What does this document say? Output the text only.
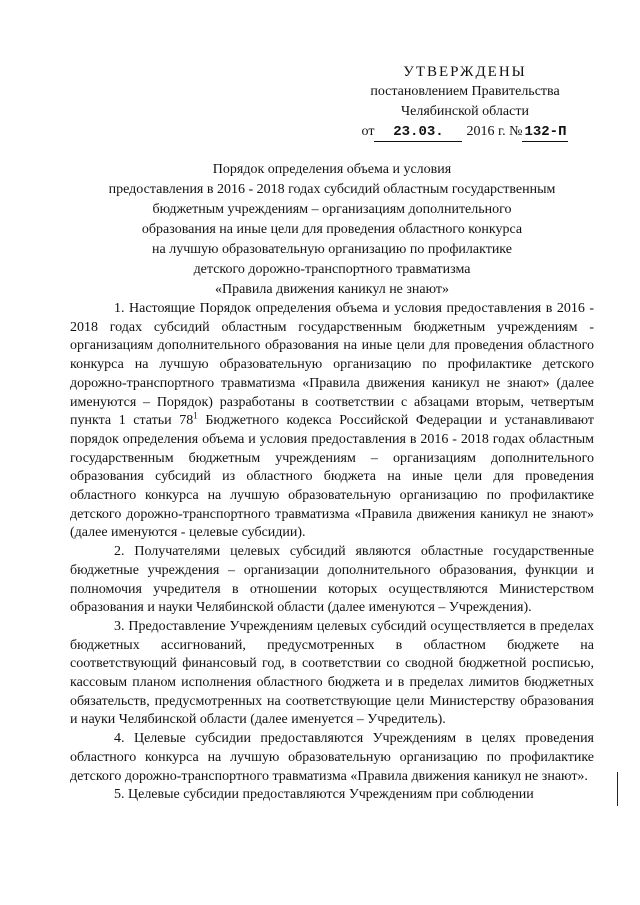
УТВЕРЖДЕНЫ
постановлением Правительства
Челябинской области
от	23.03.	2016 г. № 132-П
Порядок определения объема и условия
предоставления в 2016 - 2018 годах субсидий областным государственным
бюджетным учреждениям – организациям дополнительного
образования на иные цели для проведения областного конкурса
на лучшую образовательную организацию по профилактике
детского дорожно-транспортного травматизма
«Правила движения каникул не знают»

1. Настоящие Порядок определения объема и условия предоставления в 2016 - 2018 годах субсидий областным государственным бюджетным учреждениям - организациям дополнительного образования на иные цели для проведения областного конкурса на лучшую образовательную организацию по профилактике детского дорожно-транспортного травматизма «Правила движения каникул не знают» (далее именуются – Порядок) разработаны в соответствии с абзацами вторым, четвертым пункта 1 статьи $78^1$ Бюджетного кодекса Российской Федерации и устанавливают порядок определения объема и условия предоставления в 2016 - 2018 годах областным государственным бюджетным учреждениям – организациям дополнительного образования субсидий из областного бюджета на иные цели для проведения областного конкурса на лучшую образовательную организацию по профилактике детского дорожно-транспортного травматизма «Правила движения каникул не знают» (далее именуются - целевые субсидии).

2. Получателями целевых субсидий являются областные государственные бюджетные учреждения – организации дополнительного образования, функции и полномочия учредителя в отношении которых осуществляются Министерством образования и науки Челябинской области (далее именуются – Учреждения).

3. Предоставление Учреждениям целевых субсидий осуществляется в пределах бюджетных ассигнований, предусмотренных в областном бюджете на соответствующий финансовый год, в соответствии со сводной бюджетной росписью, кассовым планом исполнения областного бюджета и в пределах лимитов бюджетных обязательств, предусмотренных на соответствующие цели Министерству образования и науки Челябинской области (далее именуется – Учредитель).

4. Целевые субсидии предоставляются Учреждениям в целях проведения областного конкурса на лучшую образовательную организацию по профилактике детского дорожно-транспортного травматизма «Правила движения каникул не знают».

5. Целевые субсидии предоставляются Учреждениям при соблюдении
